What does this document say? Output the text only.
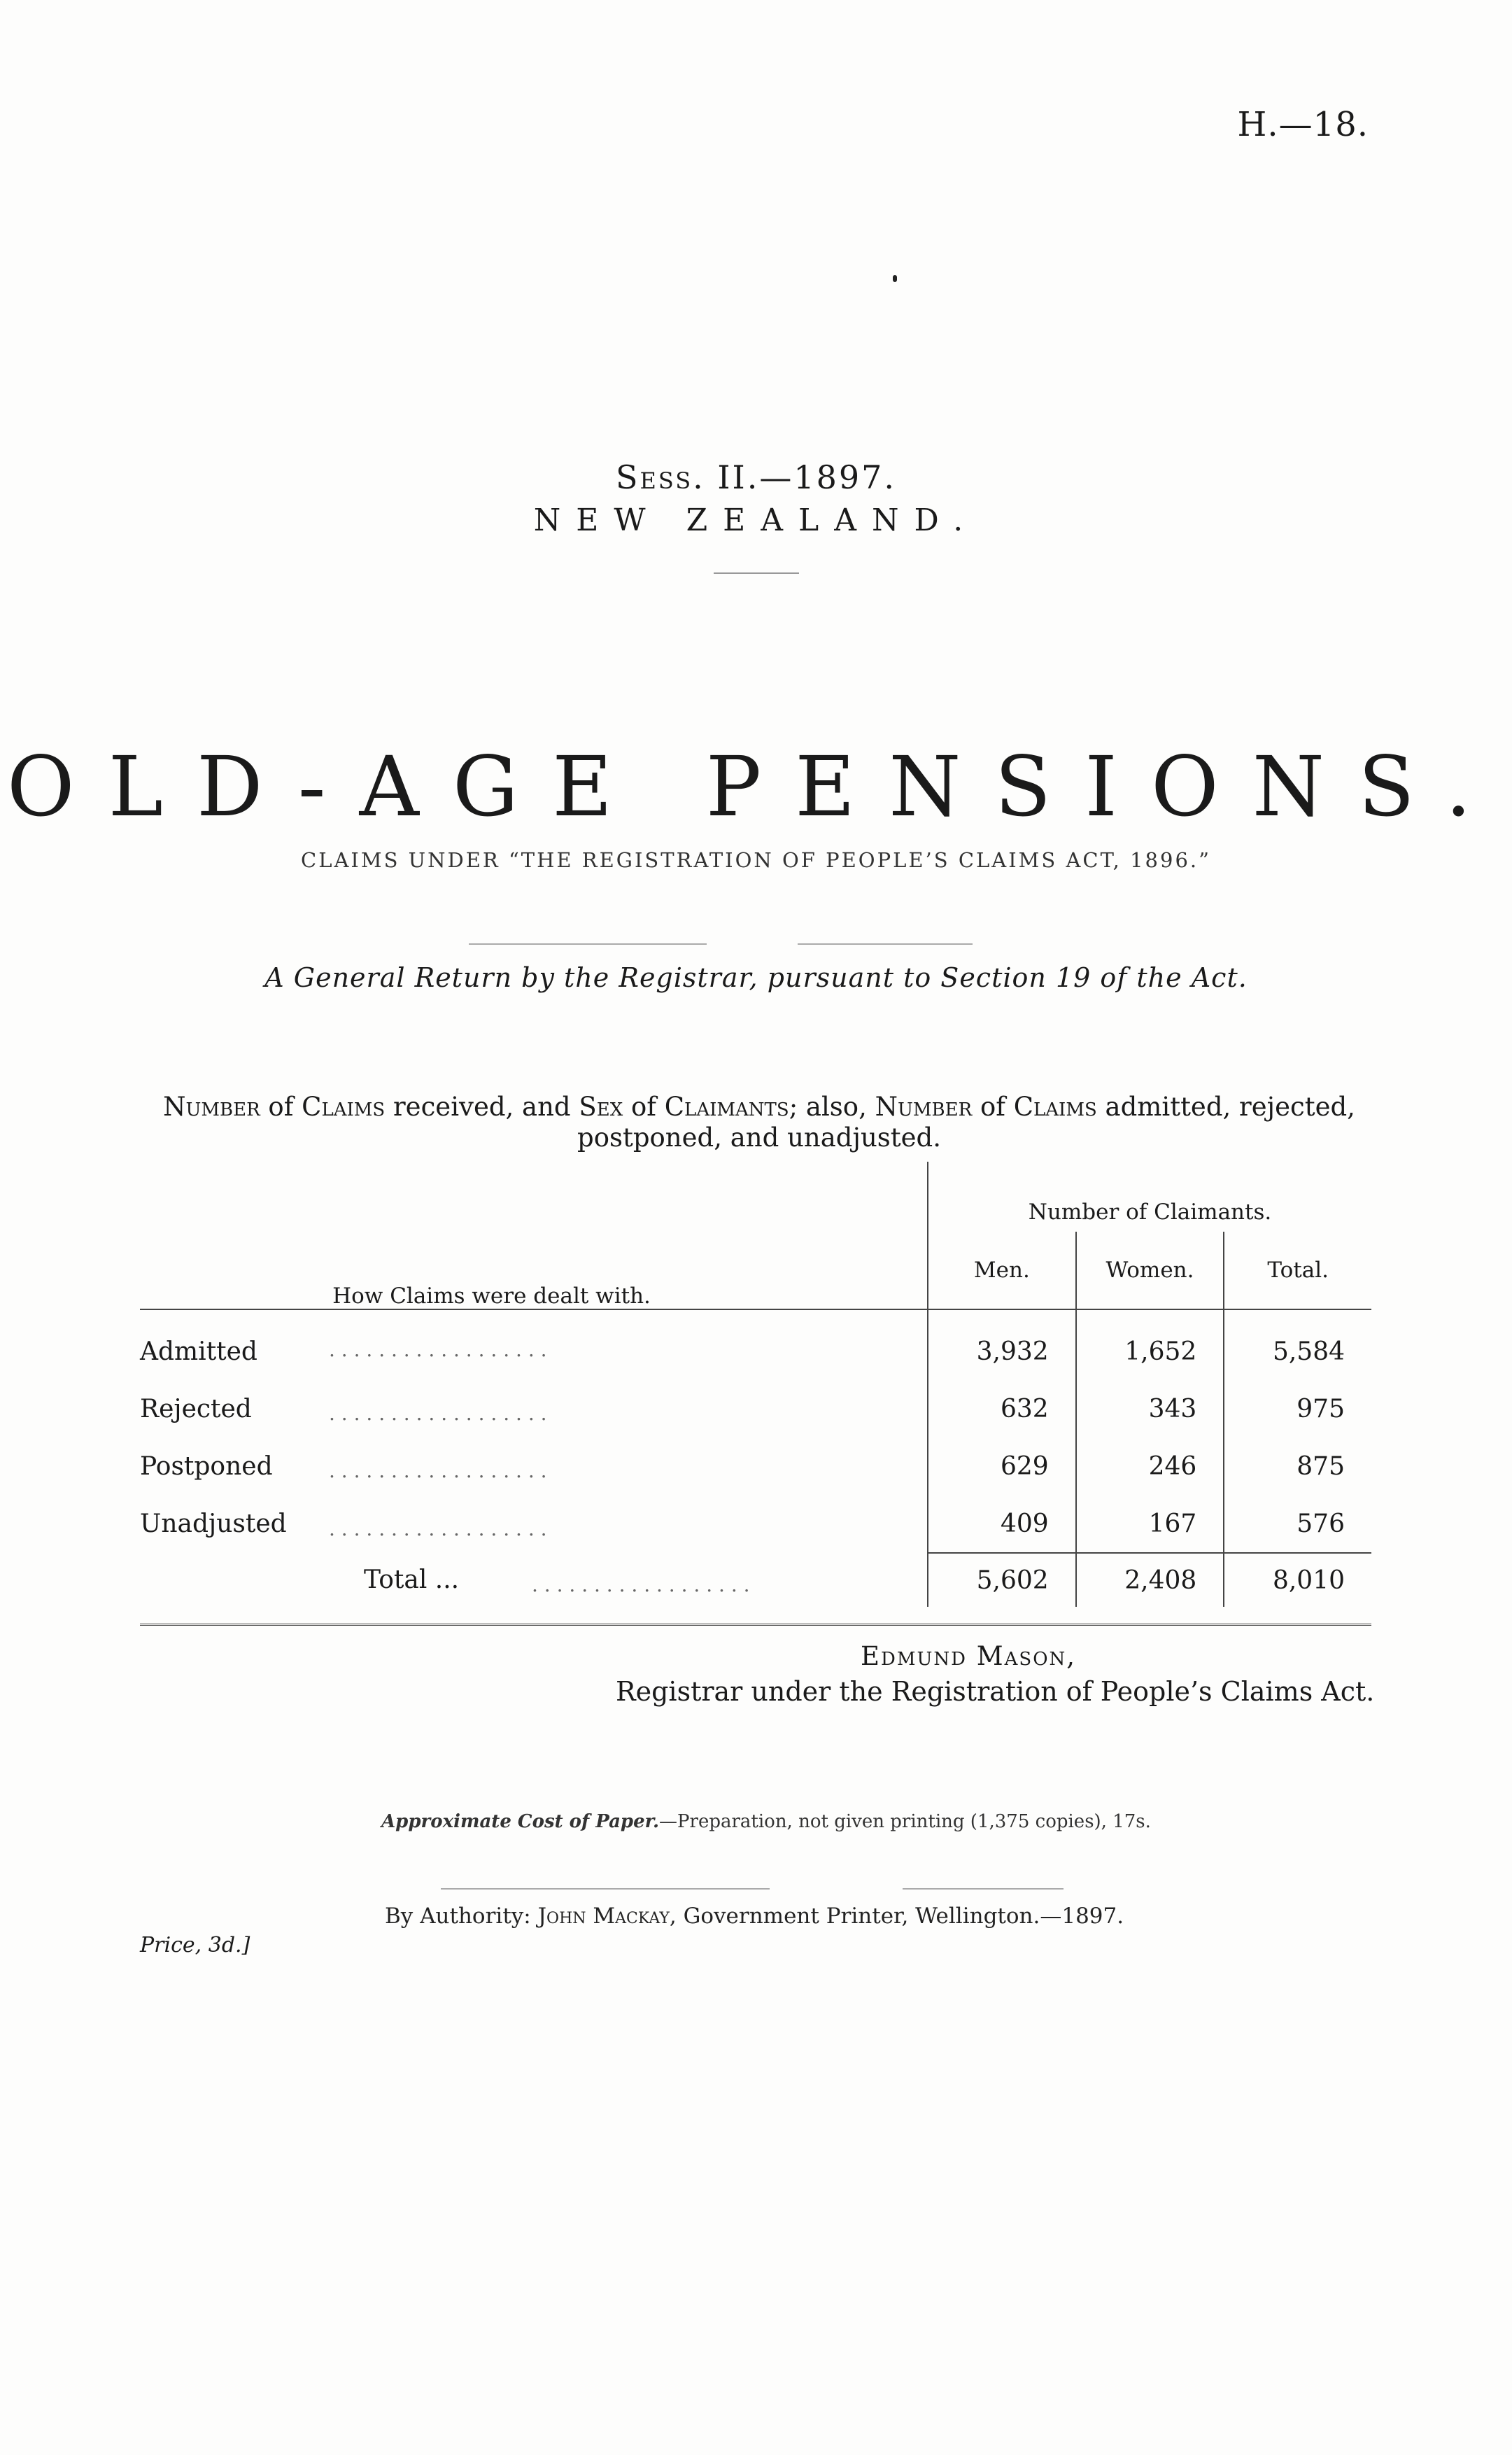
H.—18.
Sess. II.—1897.
NEW ZEALAND.
OLD-AGE PENSIONS.
CLAIMS UNDER “THE REGISTRATION OF PEOPLE’S CLAIMS ACT, 1896.”
A General Return by the Registrar, pursuant to Section 19 of the Act.
Number of Claims received, and Sex of Claimants; also, Number of Claims admitted, rejected, postponed, and unadjusted.
How Claims were dealt with.	Number of Claimants.		
	Men.	Women.	Total.
Admitted . . . . . . . . . . . . . . . . . .	3,932	1,652	5,584
Rejected . . . . . . . . . . . . . . . . . .	632	343	975
Postponed . . . . . . . . . . . . . . . . . .	629	246	875
Unadjusted . . . . . . . . . . . . . . . . . .	409	167	576
Total ... . . . . . . . . . . . . . . . . . .	5,602	2,408	8,010
Edmund Mason,
Registrar under the Registration of People’s Claims Act.
Approximate Cost of Paper.—Preparation, not given printing (1,375 copies), 17s.
By Authority: John Mackay, Government Printer, Wellington.—1897.
Price, 3d.]
